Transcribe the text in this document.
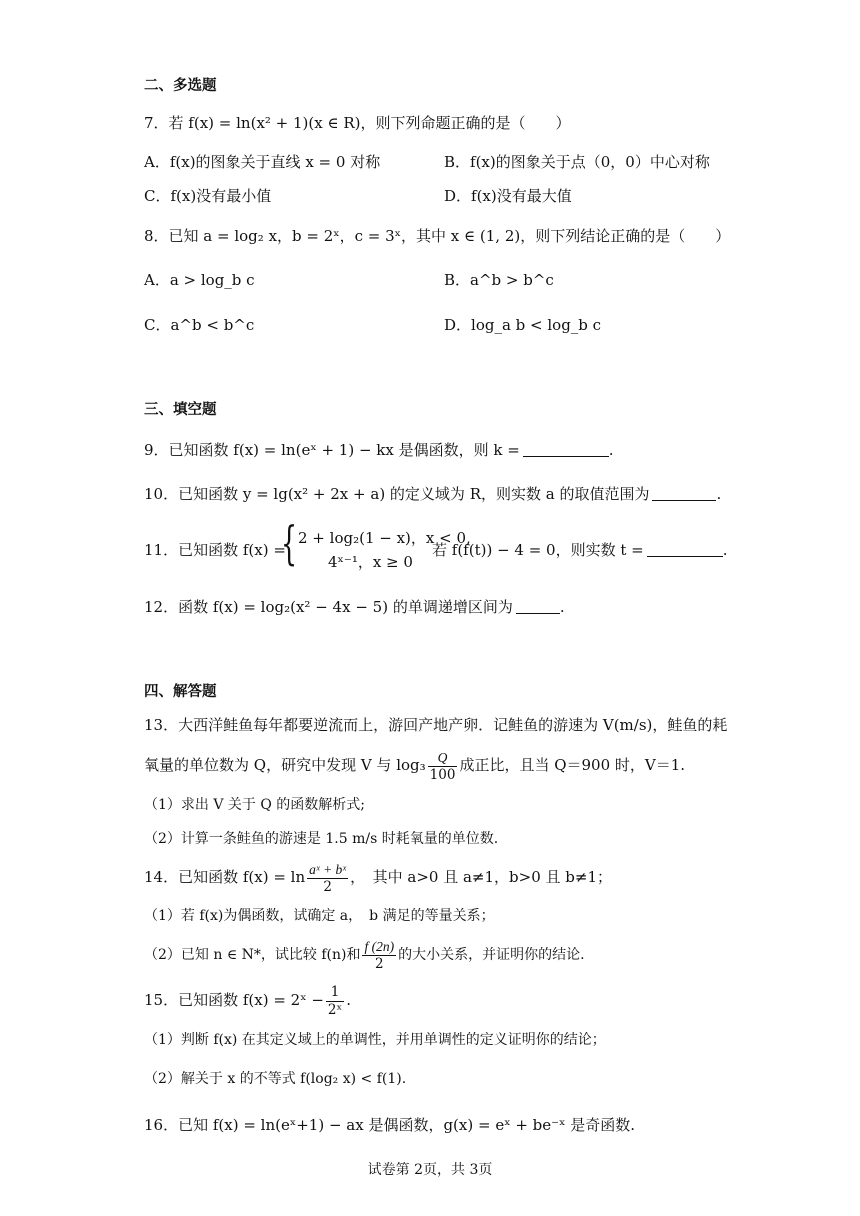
二、多选题
7．若 f(x) = ln(x² + 1)(x ∈ R)，则下列命题正确的是（　　）
A．f(x)的图象关于直线 x = 0 对称	B．f(x)的图象关于点（0，0）中心对称
C．f(x)没有最小值	D．f(x)没有最大值
8．已知 a = log₂ x，b = 2ˣ，c = 3ˣ，其中 x ∈ (1, 2)，则下列结论正确的是（　　）
A．a > log_b c	B．a^b > b^c
C．a^b < b^c	D．log_a b < log_b c
三、填空题
9．已知函数 f(x) = ln(eˣ + 1) − kx 是偶函数，则 k =	.
10．已知函数 y = lg(x² + 2x + a) 的定义域为 R，则实数 a 的取值范围为	.
11．已知函数 f(x) =
{ 2 + log₂(1 − x)，x < 0,
4ˣ⁻¹，x ≥ 0
若 f(f(t)) − 4 = 0，则实数 t =	.
12．函数 f(x) = log₂(x² − 4x − 5) 的单调递增区间为	.
四、解答题
13．大西洋鲑鱼每年都要逆流而上，游回产地产卵．记鲑鱼的游速为 V(m/s)，鲑鱼的耗
氧量的单位数为 Q，研究中发现 V 与 $\log_3 \frac{Q}{100}$ 成正比，且当 Q＝900 时，V＝1.
（1）求出 V 关于 Q 的函数解析式;
（2）计算一条鲑鱼的游速是 1.5 m/s 时耗氧量的单位数.
14．已知函数 $f(x) = \ln \frac{\text{aˣ + bˣ}}{2}$ ，　其中 a>0 且 a≠1，b>0 且 b≠1；
（1）若 f(x)为偶函数，试确定 a，　b 满足的等量关系；
（2）已知 n ∈ N*，试比较 f(n)和 $\frac{f (2n)}{2}$ 的大小关系，并证明你的结论.
15．已知函数 f(x) = 2ˣ − $\frac{1}{\text{2ˣ}}$ .
（1）判断 f(x) 在其定义域上的单调性，并用单调性的定义证明你的结论；
（2）解关于 x 的不等式 f(log₂ x) < f(1).
16．已知 f(x) = ln(eˣ+1) − ax 是偶函数，g(x) = eˣ + be⁻ˣ 是奇函数.
试卷第 2页，共 3页
